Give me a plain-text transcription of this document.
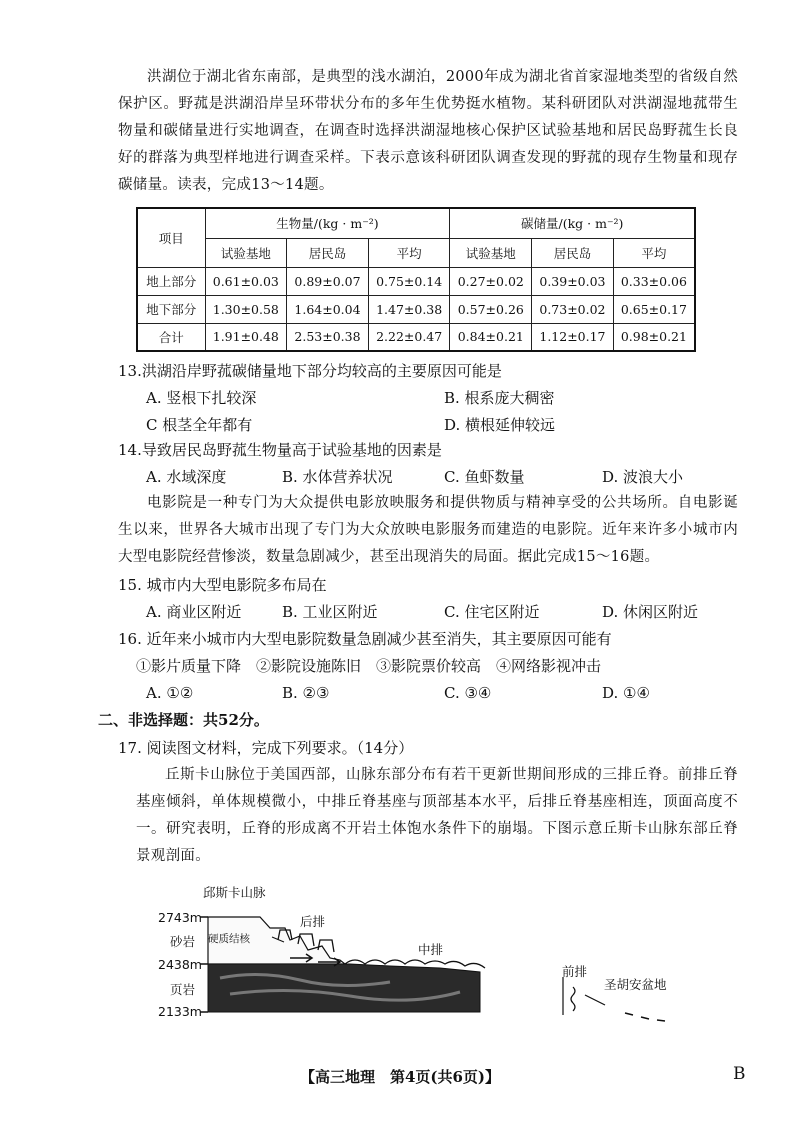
洪湖位于湖北省东南部，是典型的浅水湖泊，2000年成为湖北省首家湿地类型的省级自然保护区。野菰是洪湖沿岸呈环带状分布的多年生优势挺水植物。某科研团队对洪湖湿地菰带生物量和碳储量进行实地调查，在调查时选择洪湖湿地核心保护区试验基地和居民岛野菰生长良好的群落为典型样地进行调查采样。下表示意该科研团队调查发现的野菰的现存生物量和现存碳储量。读表，完成13～14题。

项目	生物量/(kg · m⁻²)			碳储量/(kg · m⁻²)		
	试验基地	居民岛	平均	试验基地	居民岛	平均
地上部分	0.61±0.03	0.89±0.07	0.75±0.14	0.27±0.02	0.39±0.03	0.33±0.06
地下部分	1.30±0.58	1.64±0.04	1.47±0.38	0.57±0.26	0.73±0.02	0.65±0.17
合计	1.91±0.48	2.53±0.38	2.22±0.47	0.84±0.21	1.12±0.17	0.98±0.21

13.洪湖沿岸野菰碳储量地下部分均较高的主要原因可能是

A. 竖根下扎较深	B. 根系庞大稠密
C 根茎全年都有	D. 横根延伸较远

14.导致居民岛野菰生物量高于试验基地的因素是

A. 水域深度	B. 水体营养状况	C. 鱼虾数量	D. 波浪大小

电影院是一种专门为大众提供电影放映服务和提供物质与精神享受的公共场所。自电影诞生以来，世界各大城市出现了专门为大众放映电影服务而建造的电影院。近年来许多小城市内大型电影院经营惨淡，数量急剧减少，甚至出现消失的局面。据此完成15～16题。

15. 城市内大型电影院多布局在

A. 商业区附近	B. 工业区附近	C. 住宅区附近	D. 休闲区附近

16. 近年来小城市内大型电影院数量急剧减少甚至消失，其主要原因可能有

①影片质量下降　②影院设施陈旧　③影院票价较高　④网络影视冲击
A. ①②	B. ②③	C. ③④	D. ①④
二、非选择题：共52分。

17. 阅读图文材料，完成下列要求。（14分）

丘斯卡山脉位于美国西部，山脉东部分布有若干更新世期间形成的三排丘脊。前排丘脊基座倾斜，单体规模微小，中排丘脊基座与顶部基本水平，后排丘脊基座相连，顶面高度不一。研究表明，丘脊的形成离不开岩土体饱水条件下的崩塌。下图示意丘斯卡山脉东部丘脊景观剖面。

邱斯卡山脉
2743m
砂岩 硬质结核
后排
中排
2438m
页岩
2133m
前排
圣胡安盆地
【高三地理　第4页(共6页)】	B
